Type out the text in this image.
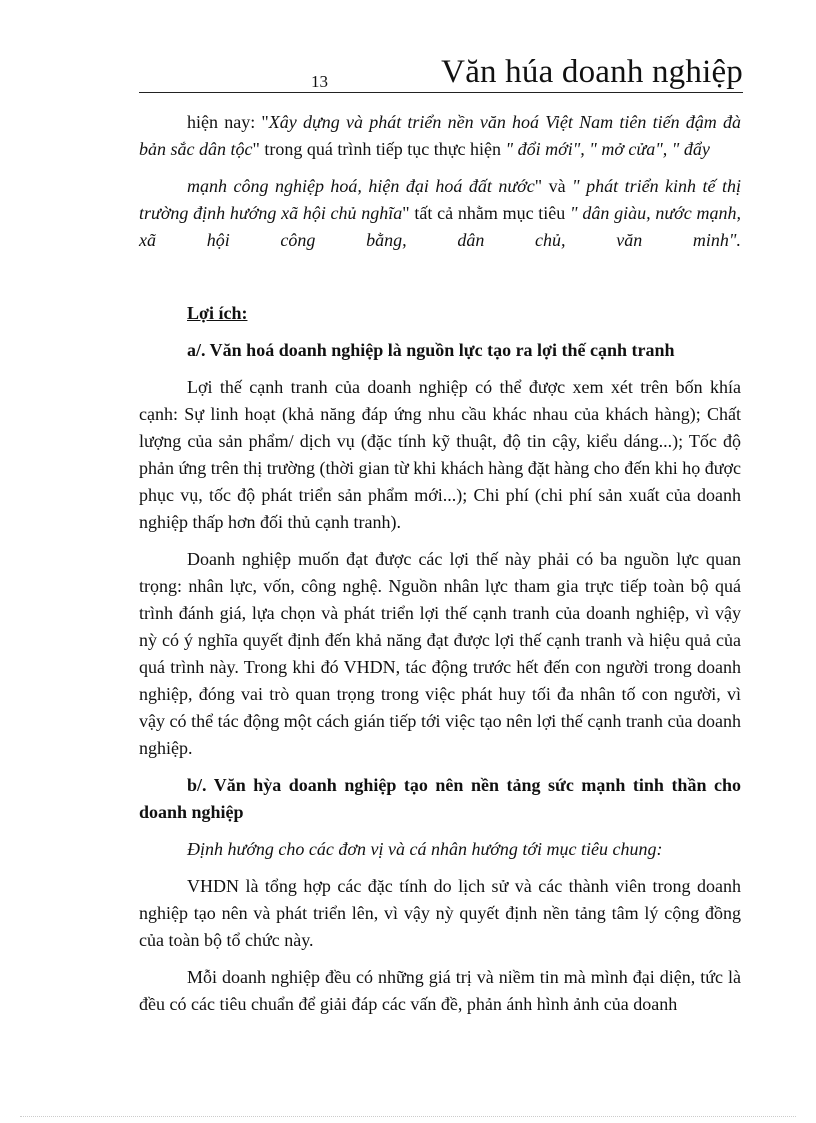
13	Văn húa doanh nghiệp

hiện nay: "Xây dựng và phát triển nền văn hoá Việt Nam tiên tiến đậm đà bản sắc dân tộc" trong quá trình tiếp tục thực hiện " đổi mới", " mở cửa", " đẩy

mạnh công nghiệp hoá, hiện đại hoá đất nước" và " phát triển kinh tế thị trường định hướng xã hội chủ nghĩa" tất cả nhằm mục tiêu " dân giàu, nước mạnh, xã hội công bằng, dân chủ, văn minh".

Lợi ích:

a/. Văn hoá doanh nghiệp là nguồn lực tạo ra lợi thế cạnh tranh

Lợi thế cạnh tranh của doanh nghiệp có thể được xem xét trên bốn khía cạnh: Sự linh hoạt (khả năng đáp ứng nhu cầu khác nhau của khách hàng); Chất lượng của sản phẩm/ dịch vụ (đặc tính kỹ thuật, độ tin cậy, kiểu dáng...); Tốc độ phản ứng trên thị trường (thời gian từ khi khách hàng đặt hàng cho đến khi họ được phục vụ, tốc độ phát triển sản phẩm mới...); Chi phí (chi phí sản xuất của doanh nghiệp thấp hơn đối thủ cạnh tranh).

Doanh nghiệp muốn đạt được các lợi thế này phải có ba nguồn lực quan trọng: nhân lực, vốn, công nghệ. Nguồn nhân lực tham gia trực tiếp toàn bộ quá trình đánh giá, lựa chọn và phát triển lợi thế cạnh tranh của doanh nghiệp, vì vậy nỳ có ý nghĩa quyết định đến khả năng đạt được lợi thế cạnh tranh và hiệu quả của quá trình này. Trong khi đó VHDN, tác động trước hết đến con người trong doanh nghiệp, đóng vai trò quan trọng trong việc phát huy tối đa nhân tố con người, vì vậy có thể tác động một cách gián tiếp tới việc tạo nên lợi thế cạnh tranh của doanh nghiệp.

b/. Văn hỳa doanh nghiệp tạo nên nền tảng sức mạnh tinh thần cho doanh nghiệp

Định hướng cho các đơn vị và cá nhân hướng tới mục tiêu chung:

VHDN là tổng hợp các đặc tính do lịch sử và các thành viên trong doanh nghiệp tạo nên và phát triển lên, vì vậy nỳ quyết định nền tảng tâm lý cộng đồng của toàn bộ tổ chức này.

Mỗi doanh nghiệp đều có những giá trị và niềm tin mà mình đại diện, tức là đều có các tiêu chuẩn để giải đáp các vấn đề, phản ánh hình ảnh của doanh
